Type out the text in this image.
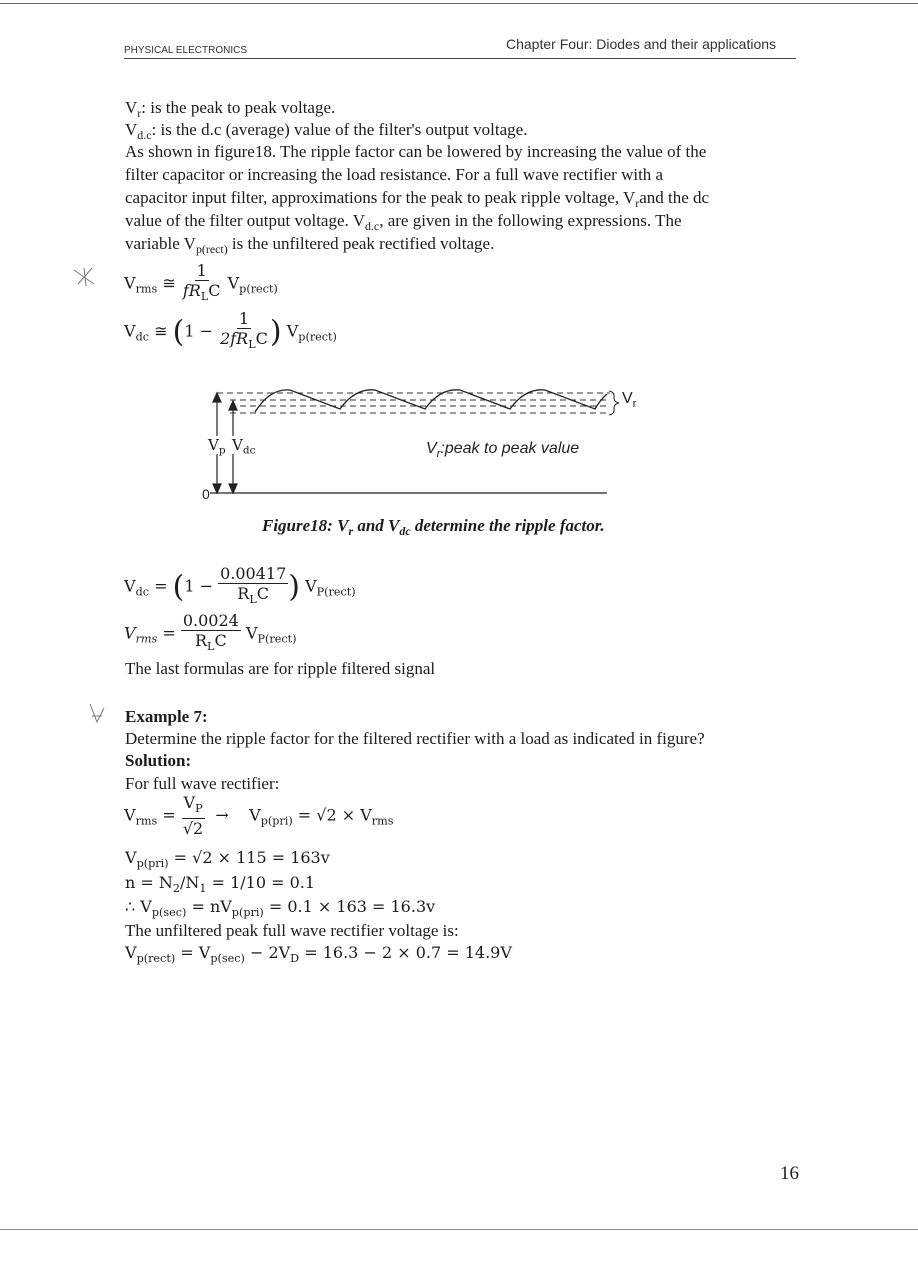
PHYSICAL ELECTRONICS	Chapter Four: Diodes and their applications
$V_r$: is the peak to peak voltage.
$V_{d.c}$: is the d.c (average) value of the filter's output voltage.
As shown in figure18. The ripple factor can be lowered by increasing the value of the
filter capacitor or increasing the load resistance. For a full wave rectifier with a
capacitor input filter, approximations for the peak to peak ripple voltage, $V_rand$ the dc
value of the filter output voltage. $V_{d.c}$, are given in the following expressions. The
variable $V_{p(rect)}$ is the unfiltered peak rectified voltage.
$V_{rms}$ ≅ $\frac{1}{fR_LC} V_{p(rect)}$
$V_{dc}$ ≅ ($1 - \frac{1}{2fR_LC}$ ) $V_{p(rect)}$
$V_r$
$V_p$ $V_{dc}$
0
$V_r:peak$ to peak value
Figure18: $V_r$ and $V_{dc}$ determine the ripple factor.
$V_{dc} = (1 - \frac{0.00417}{R_LC}$ ) $V_{P(rect)}$
$V_{rms} = \frac{0.0024}{R_LC} V_{P(rect)}$
The last formulas are for ripple filtered signal
Example 7:
Determine the ripple factor for the filtered rectifier with a load as indicated in figure?
Solution:
For full wave rectifier:
$V_{rms} = \frac{V_P}{√2} \to V_{p(pri)} = √2 \times V_{rms}$
$V_{p(pri)} = √2 \times 115 = 163v$
$n = N_2/N_1 = 1/10 = 0.1$
∴ $V_{p(sec)} = nV_{p(pri)} = 0.1 \times 163 = 16.3v$
The unfiltered peak full wave rectifier voltage is:
$V_{p(rect)} = V_{p(sec)} - 2V_D = 16.3 - 2 \times 0.7 = 14.9V$
16
